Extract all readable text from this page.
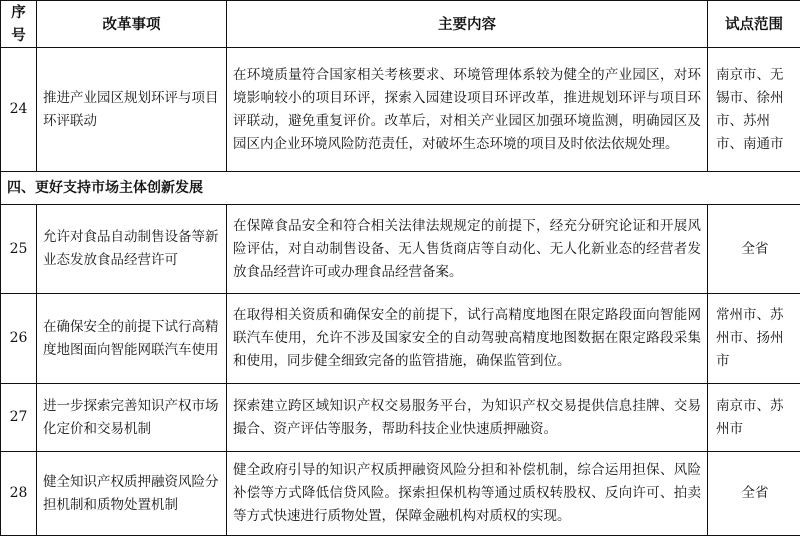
序号	改革事项	主要内容	试点范围
24	推进产业园区规划环评与项目环评联动	在环境质量符合国家相关考核要求、环境管理体系较为健全的产业园区，对环境影响较小的项目环评，探索入园建设项目环评改革，推进规划环评与项目环评联动，避免重复评价。改革后，对相关产业园区加强环境监测，明确园区及园区内企业环境风险防范责任，对破坏生态环境的项目及时依法依规处理。	南京市、无锡市、徐州市、苏州市、南通市
四、更好支持市场主体创新发展			
25	允许对食品自动制售设备等新业态发放食品经营许可	在保障食品安全和符合相关法律法规规定的前提下，经充分研究论证和开展风险评估，对自动制售设备、无人售货商店等自动化、无人化新业态的经营者发放食品经营许可或办理食品经营备案。	全省
26	在确保安全的前提下试行高精度地图面向智能网联汽车使用	在取得相关资质和确保安全的前提下，试行高精度地图在限定路段面向智能网联汽车使用，允许不涉及国家安全的自动驾驶高精度地图数据在限定路段采集和使用，同步健全细致完备的监管措施，确保监管到位。	常州市、苏州市、扬州市
27	进一步探索完善知识产权市场化定价和交易机制	探索建立跨区域知识产权交易服务平台，为知识产权交易提供信息挂牌、交易撮合、资产评估等服务，帮助科技企业快速质押融资。	南京市、苏州市
28	健全知识产权质押融资风险分担机制和质物处置机制	健全政府引导的知识产权质押融资风险分担和补偿机制，综合运用担保、风险补偿等方式降低信贷风险。探索担保机构等通过质权转股权、反向许可、拍卖等方式快速进行质物处置，保障金融机构对质权的实现。	全省
